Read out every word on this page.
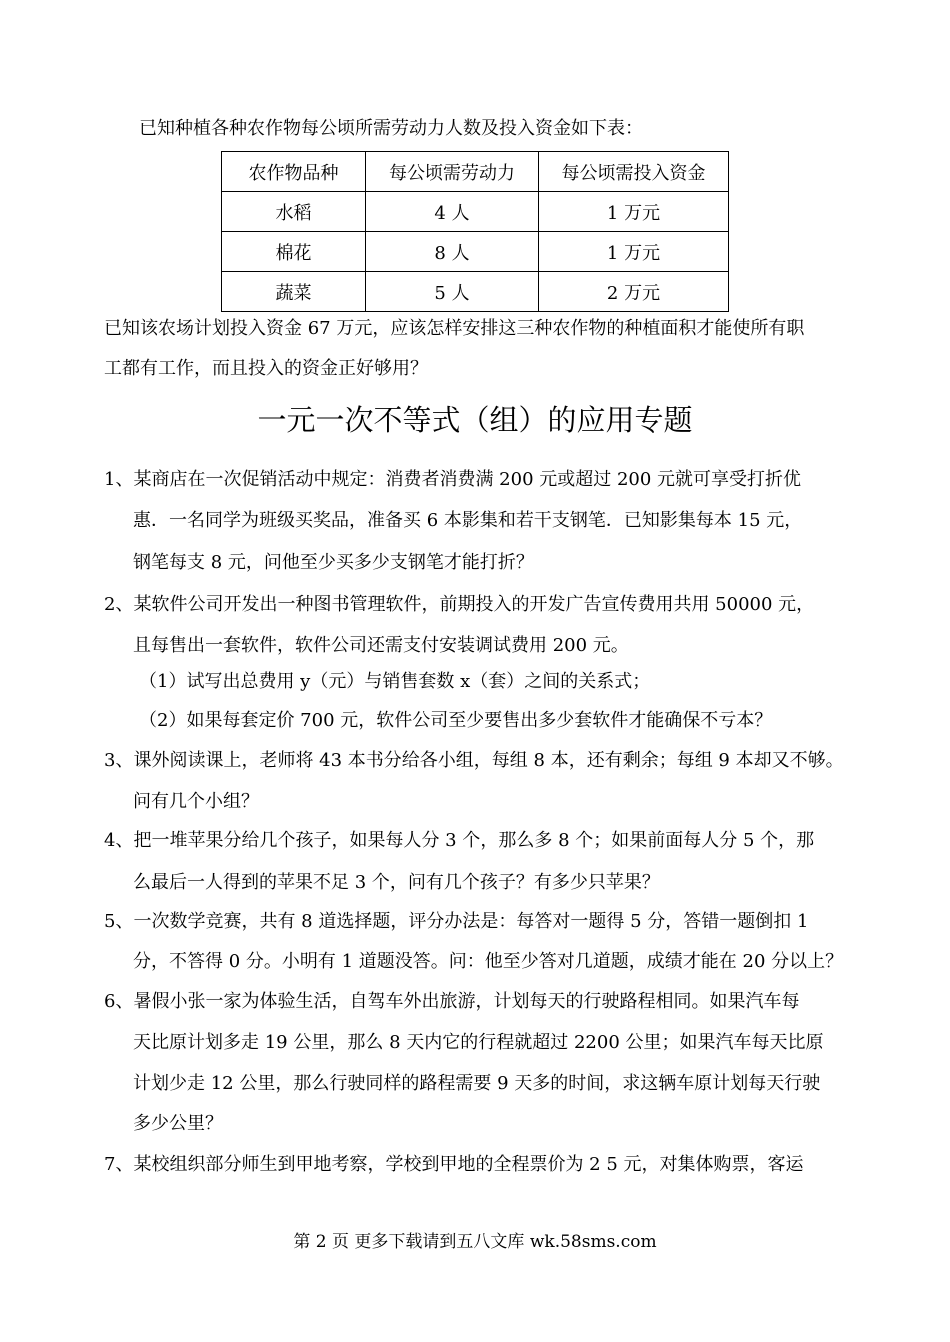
已知种植各种农作物每公顷所需劳动力人数及投入资金如下表：
农作物品种	每公顷需劳动力	每公顷需投入资金
水稻	4 人	1 万元
棉花	8 人	1 万元
蔬菜	5 人	2 万元
已知该农场计划投入资金 67 万元，应该怎样安排这三种农作物的种植面积才能使所有职
工都有工作，而且投入的资金正好够用？
一元一次不等式（组）的应用专题
1、某商店在一次促销活动中规定：消费者消费满 200 元或超过 200 元就可享受打折优
惠．一名同学为班级买奖品，准备买 6 本影集和若干支钢笔．已知影集每本 15 元，
钢笔每支 8 元，问他至少买多少支钢笔才能打折？
2、某软件公司开发出一种图书管理软件，前期投入的开发广告宣传费用共用 50000 元，
且每售出一套软件，软件公司还需支付安装调试费用 200 元。
（1）试写出总费用 y（元）与销售套数 x（套）之间的关系式；
（2）如果每套定价 700 元，软件公司至少要售出多少套软件才能确保不亏本？
3、课外阅读课上，老师将 43 本书分给各小组，每组 8 本，还有剩余；每组 9 本却又不够。
问有几个小组？
4、把一堆苹果分给几个孩子，如果每人分 3 个，那么多 8 个；如果前面每人分 5 个，那
么最后一人得到的苹果不足 3 个，问有几个孩子？有多少只苹果？
5、一次数学竞赛，共有 8 道选择题，评分办法是：每答对一题得 5 分，答错一题倒扣 1
分，不答得 0 分。小明有 1 道题没答。问：他至少答对几道题，成绩才能在 20 分以上？
6、暑假小张一家为体验生活，自驾车外出旅游，计划每天的行驶路程相同。如果汽车每
天比原计划多走 19 公里，那么 8 天内它的行程就超过 2200 公里；如果汽车每天比原
计划少走 12 公里，那么行驶同样的路程需要 9 天多的时间，求这辆车原计划每天行驶
多少公里？
7、某校组织部分师生到甲地考察，学校到甲地的全程票价为 2 5 元，对集体购票，客运
第 2 页 更多下载请到五八文库 wk.58sms.com
